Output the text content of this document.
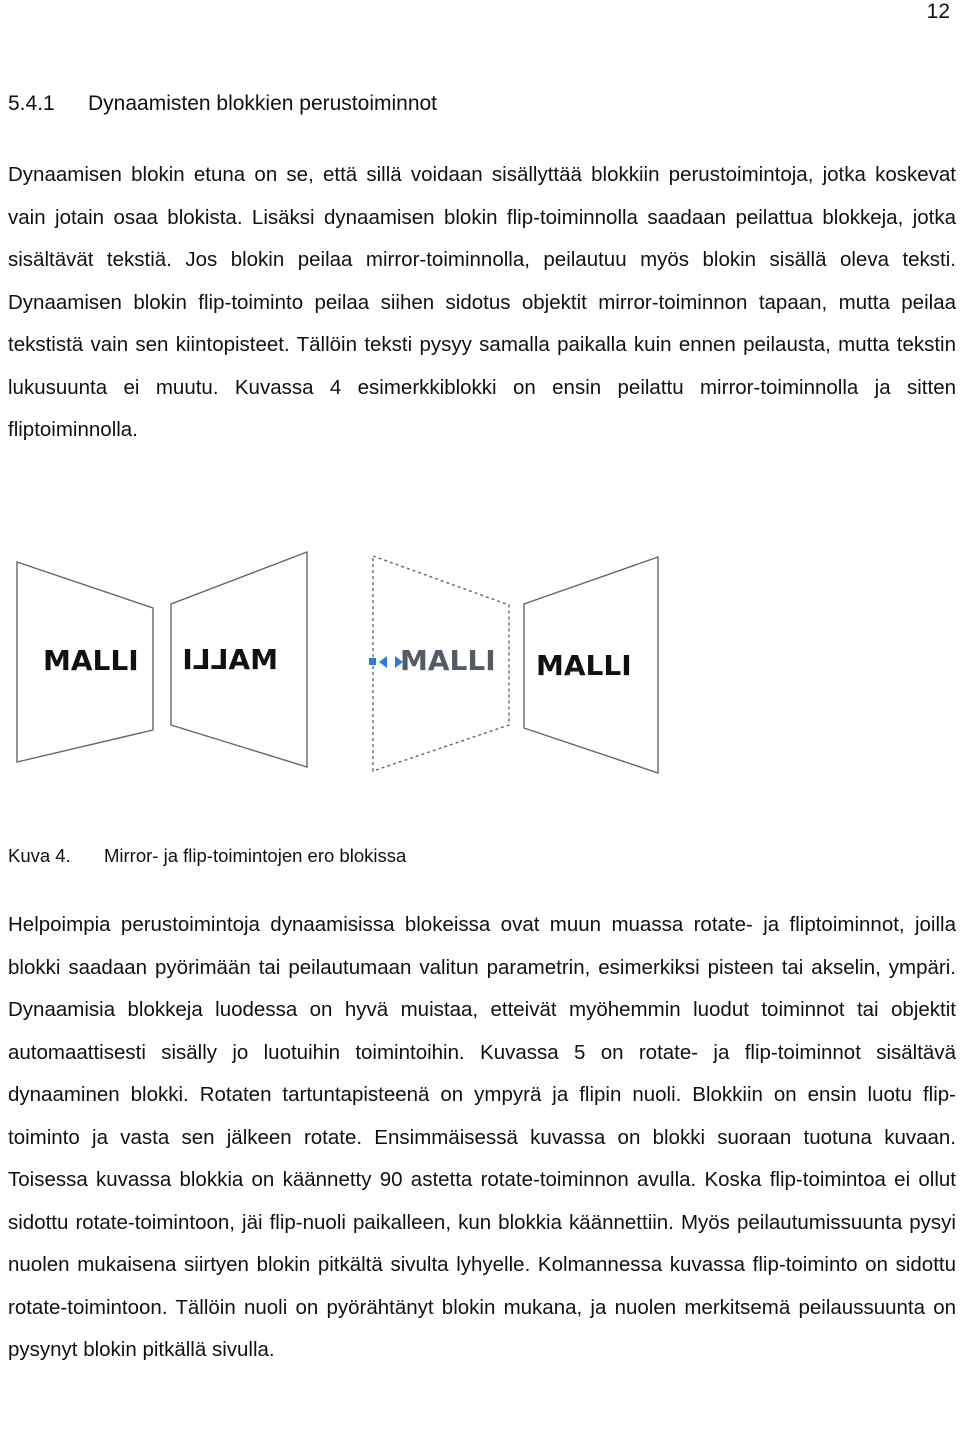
12
5.4.1 Dynaamisten blokkien perustoiminnot

Dynaamisen blokin etuna on se, että sillä voidaan sisällyttää blokkiin perustoimintoja, jotka koskevat vain jotain osaa blokista. Lisäksi dynaamisen blokin flip-toiminnolla saadaan peilattua blokkeja, jotka sisältävät tekstiä. Jos blokin peilaa mirror-toiminnolla, peilautuu myös blokin sisällä oleva teksti. Dynaamisen blokin flip-toiminto peilaa siihen sidotus objektit mirror-toiminnon tapaan, mutta peilaa tekstistä vain sen kiintopisteet. Tällöin teksti pysyy samalla paikalla kuin ennen peilausta, mutta tekstin lukusuunta ei muutu. Kuvassa 4 esimerkkiblokki on ensin peilattu mirror-toiminnolla ja sitten fliptoiminnolla.

MALLI MALLI	MALLI MALLI
Kuva 4. Mirror- ja flip-toimintojen ero blokissa

Helpoimpia perustoimintoja dynaamisissa blokeissa ovat muun muassa rotate- ja fliptoiminnot, joilla blokki saadaan pyörimään tai peilautumaan valitun parametrin, esimerkiksi pisteen tai akselin, ympäri. Dynaamisia blokkeja luodessa on hyvä muistaa, etteivät myöhemmin luodut toiminnot tai objektit automaattisesti sisälly jo luotuihin toimintoihin. Kuvassa 5 on rotate- ja flip-toiminnot sisältävä dynaaminen blokki. Rotaten tartuntapisteenä on ympyrä ja flipin nuoli. Blokkiin on ensin luotu flip-toiminto ja vasta sen jälkeen rotate. Ensimmäisessä kuvassa on blokki suoraan tuotuna kuvaan. Toisessa kuvassa blokkia on käännetty 90 astetta rotate-toiminnon avulla. Koska flip-toimintoa ei ollut sidottu rotate-toimintoon, jäi flip-nuoli paikalleen, kun blokkia käännettiin. Myös peilautumissuunta pysyi nuolen mukaisena siirtyen blokin pitkältä sivulta lyhyelle. Kolmannessa kuvassa flip-toiminto on sidottu rotate-toimintoon. Tällöin nuoli on pyörähtänyt blokin mukana, ja nuolen merkitsemä peilaussuunta on pysynyt blokin pitkällä sivulla.
